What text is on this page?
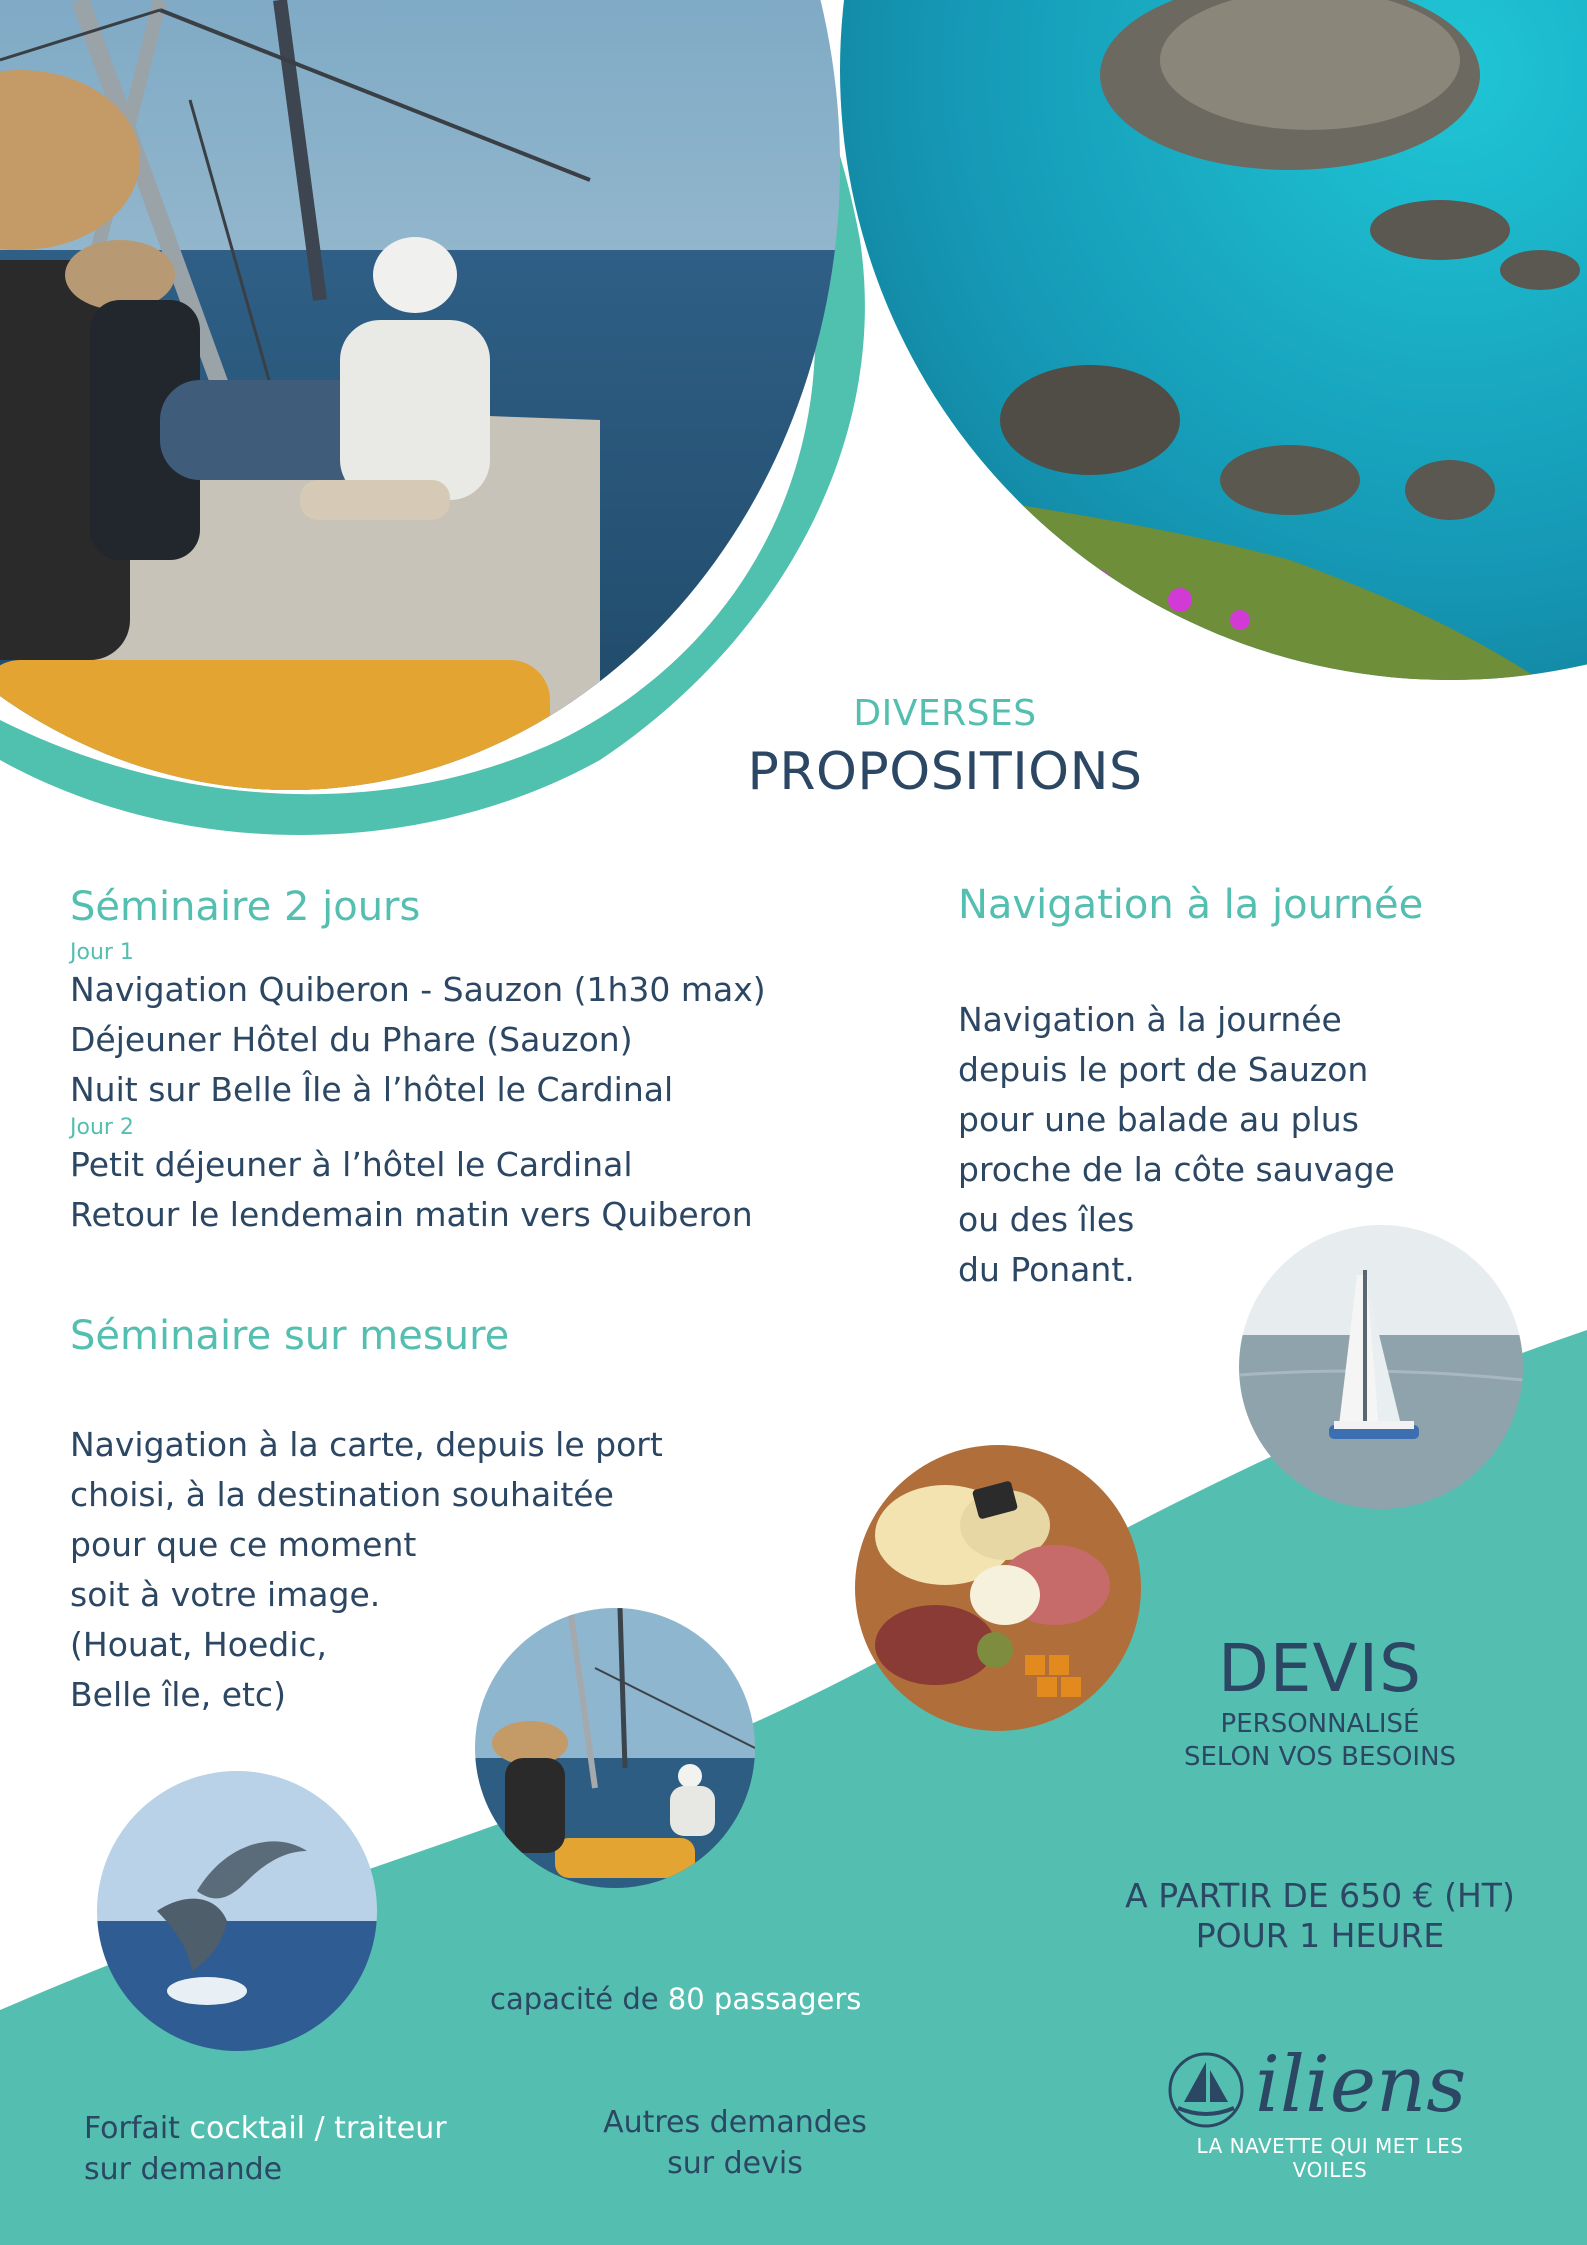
DIVERSES
PROPOSITIONS
Séminaire 2 jours
Jour 1
Navigation Quiberon - Sauzon (1h30 max)
Déjeuner Hôtel du Phare (Sauzon)
Nuit sur Belle Île à l’hôtel le Cardinal
Jour 2
Petit déjeuner à l’hôtel le Cardinal
Retour le lendemain matin vers Quiberon
Navigation à la journée
Navigation à la journée
depuis le port de Sauzon
pour une balade au plus
proche de la côte sauvage
ou des îles
du Ponant.
Séminaire sur mesure
Navigation à la carte, depuis le port
choisi, à la destination souhaitée
pour que ce moment
soit à votre image.
(Houat, Hoedic,
Belle île, etc)	DEVIS
PERSONNALISÉ
SELON VOS BESOINS
A PARTIR DE 650 € (HT)
POUR 1 HEURE
capacité de 80 passagers
Forfait cocktail / traiteur
sur demande
Autres demandes
sur devis
iliens
LA NAVETTE QUI MET LES VOILES
